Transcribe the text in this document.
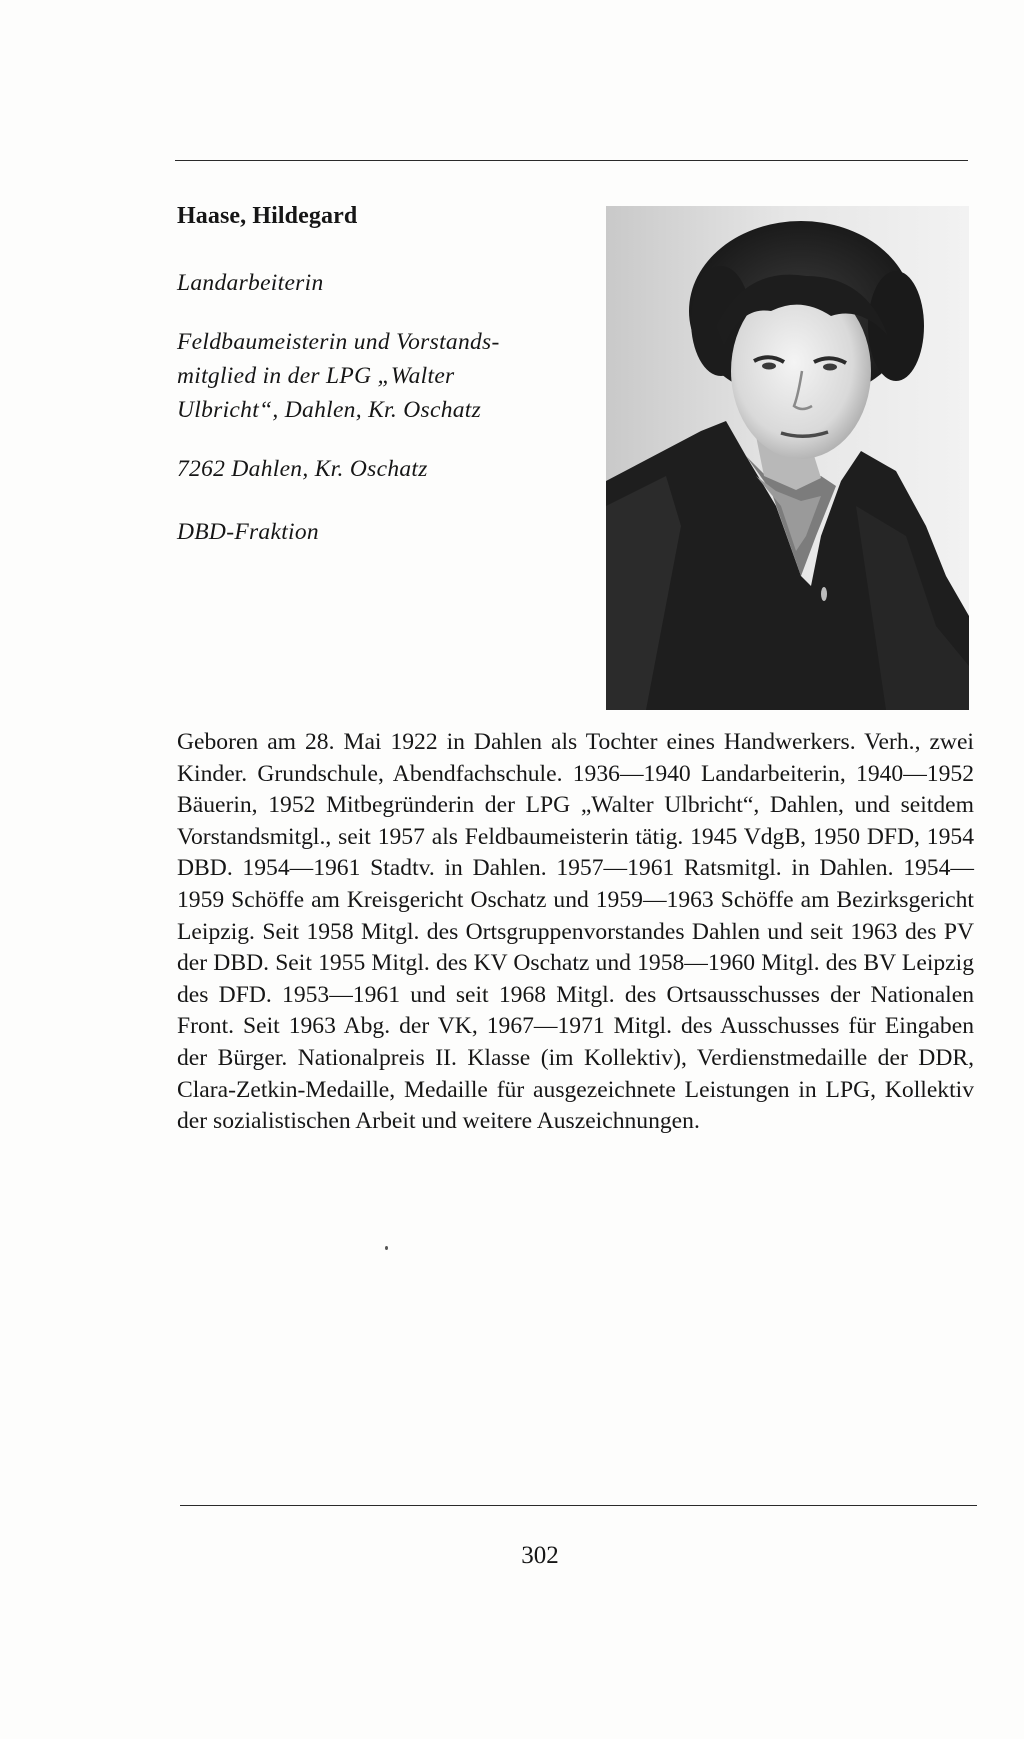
Haase, Hildegard
Landarbeiterin
Feldbaumeisterin und Vorstandsmitglied in der LPG „Walter Ulbricht“, Dahlen, Kr. Oschatz
7262 Dahlen, Kr. Oschatz
DBD-Fraktion
Geboren am 28. Mai 1922 in Dahlen als Tochter eines Handwerkers. Verh., zwei Kinder. Grundschule, Abendfachschule. 1936—1940 Landarbeiterin, 1940—1952 Bäuerin, 1952 Mitbegründerin der LPG „Walter Ulbricht“, Dahlen, und seitdem Vorstandsmitgl., seit 1957 als Feldbaumeisterin tätig. 1945 VdgB, 1950 DFD, 1954 DBD. 1954—1961 Stadtv. in Dahlen. 1957—1961 Ratsmitgl. in Dahlen. 1954—1959 Schöffe am Kreisgericht Oschatz und 1959—1963 Schöffe am Bezirksgericht Leipzig. Seit 1958 Mitgl. des Ortsgruppenvorstandes Dahlen und seit 1963 des PV der DBD. Seit 1955 Mitgl. des KV Oschatz und 1958—1960 Mitgl. des BV Leipzig des DFD. 1953—1961 und seit 1968 Mitgl. des Ortsausschusses der Nationalen Front. Seit 1963 Abg. der VK, 1967—1971 Mitgl. des Ausschusses für Eingaben der Bürger. Nationalpreis II. Klasse (im Kollektiv), Verdienstmedaille der DDR, Clara-Zetkin-Medaille, Medaille für ausgezeichnete Leistungen in LPG, Kollektiv der sozialistischen Arbeit und weitere Auszeichnungen.
302
